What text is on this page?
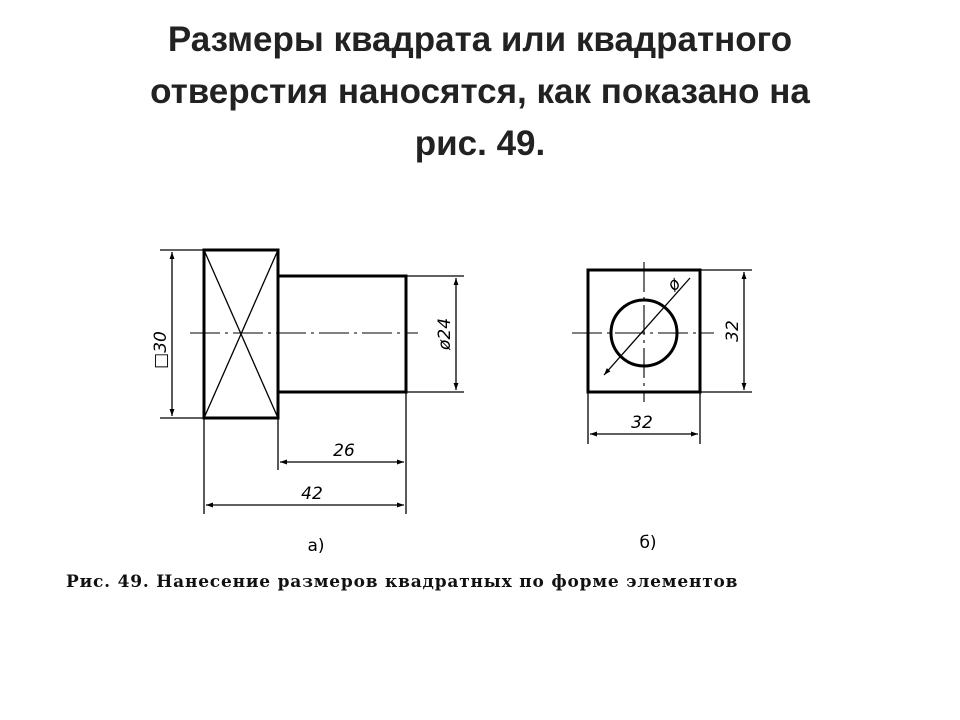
Размеры квадрата или квадратного
отверстия наносятся, как показано на
рис. 49.
□30	ø24
26
42
а)
ø
32
32
б)

Рис. 49. Нанесение размеров квадратных по форме элементов
